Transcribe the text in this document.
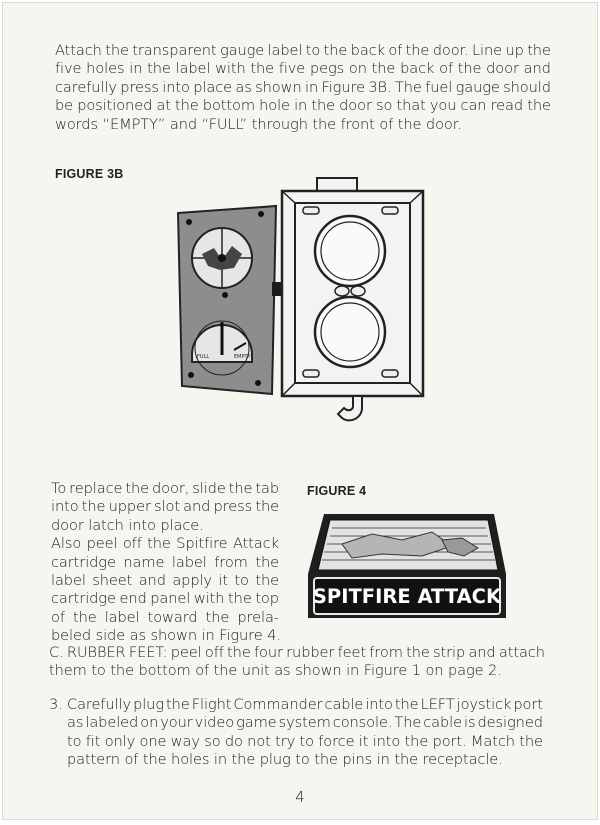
Attach the transparent gauge label to the back of the door. Line up the
five holes in the label with the five pegs on the back of the door and
carefully press into place as shown in Figure 3B. The fuel gauge should
be positioned at the bottom hole in the door so that you can read the
words “EMPTY” and “FULL” through the front of the door.
FIGURE 3B
FULL	EMPTY
To replace the door, slide the tab
into the upper slot and press the
door latch into place.
Also peel off the Spitfire Attack
cartridge name label from the
label sheet and apply it to the
cartridge end panel with the top
of the label toward the prela-
beled side as shown in Figure 4.
FIGURE 4
SPITFIRE ATTACK
C. RUBBER FEET: peel off the four rubber feet from the strip and attach
them to the bottom of the unit as shown in Figure 1 on page 2.
3. Carefully plug the Flight Commander cable into the LEFT joystick port
as labeled on your video game system console. The cable is designed
to fit only one way so do not try to force it into the port. Match the
pattern of the holes in the plug to the pins in the receptacle.
4
